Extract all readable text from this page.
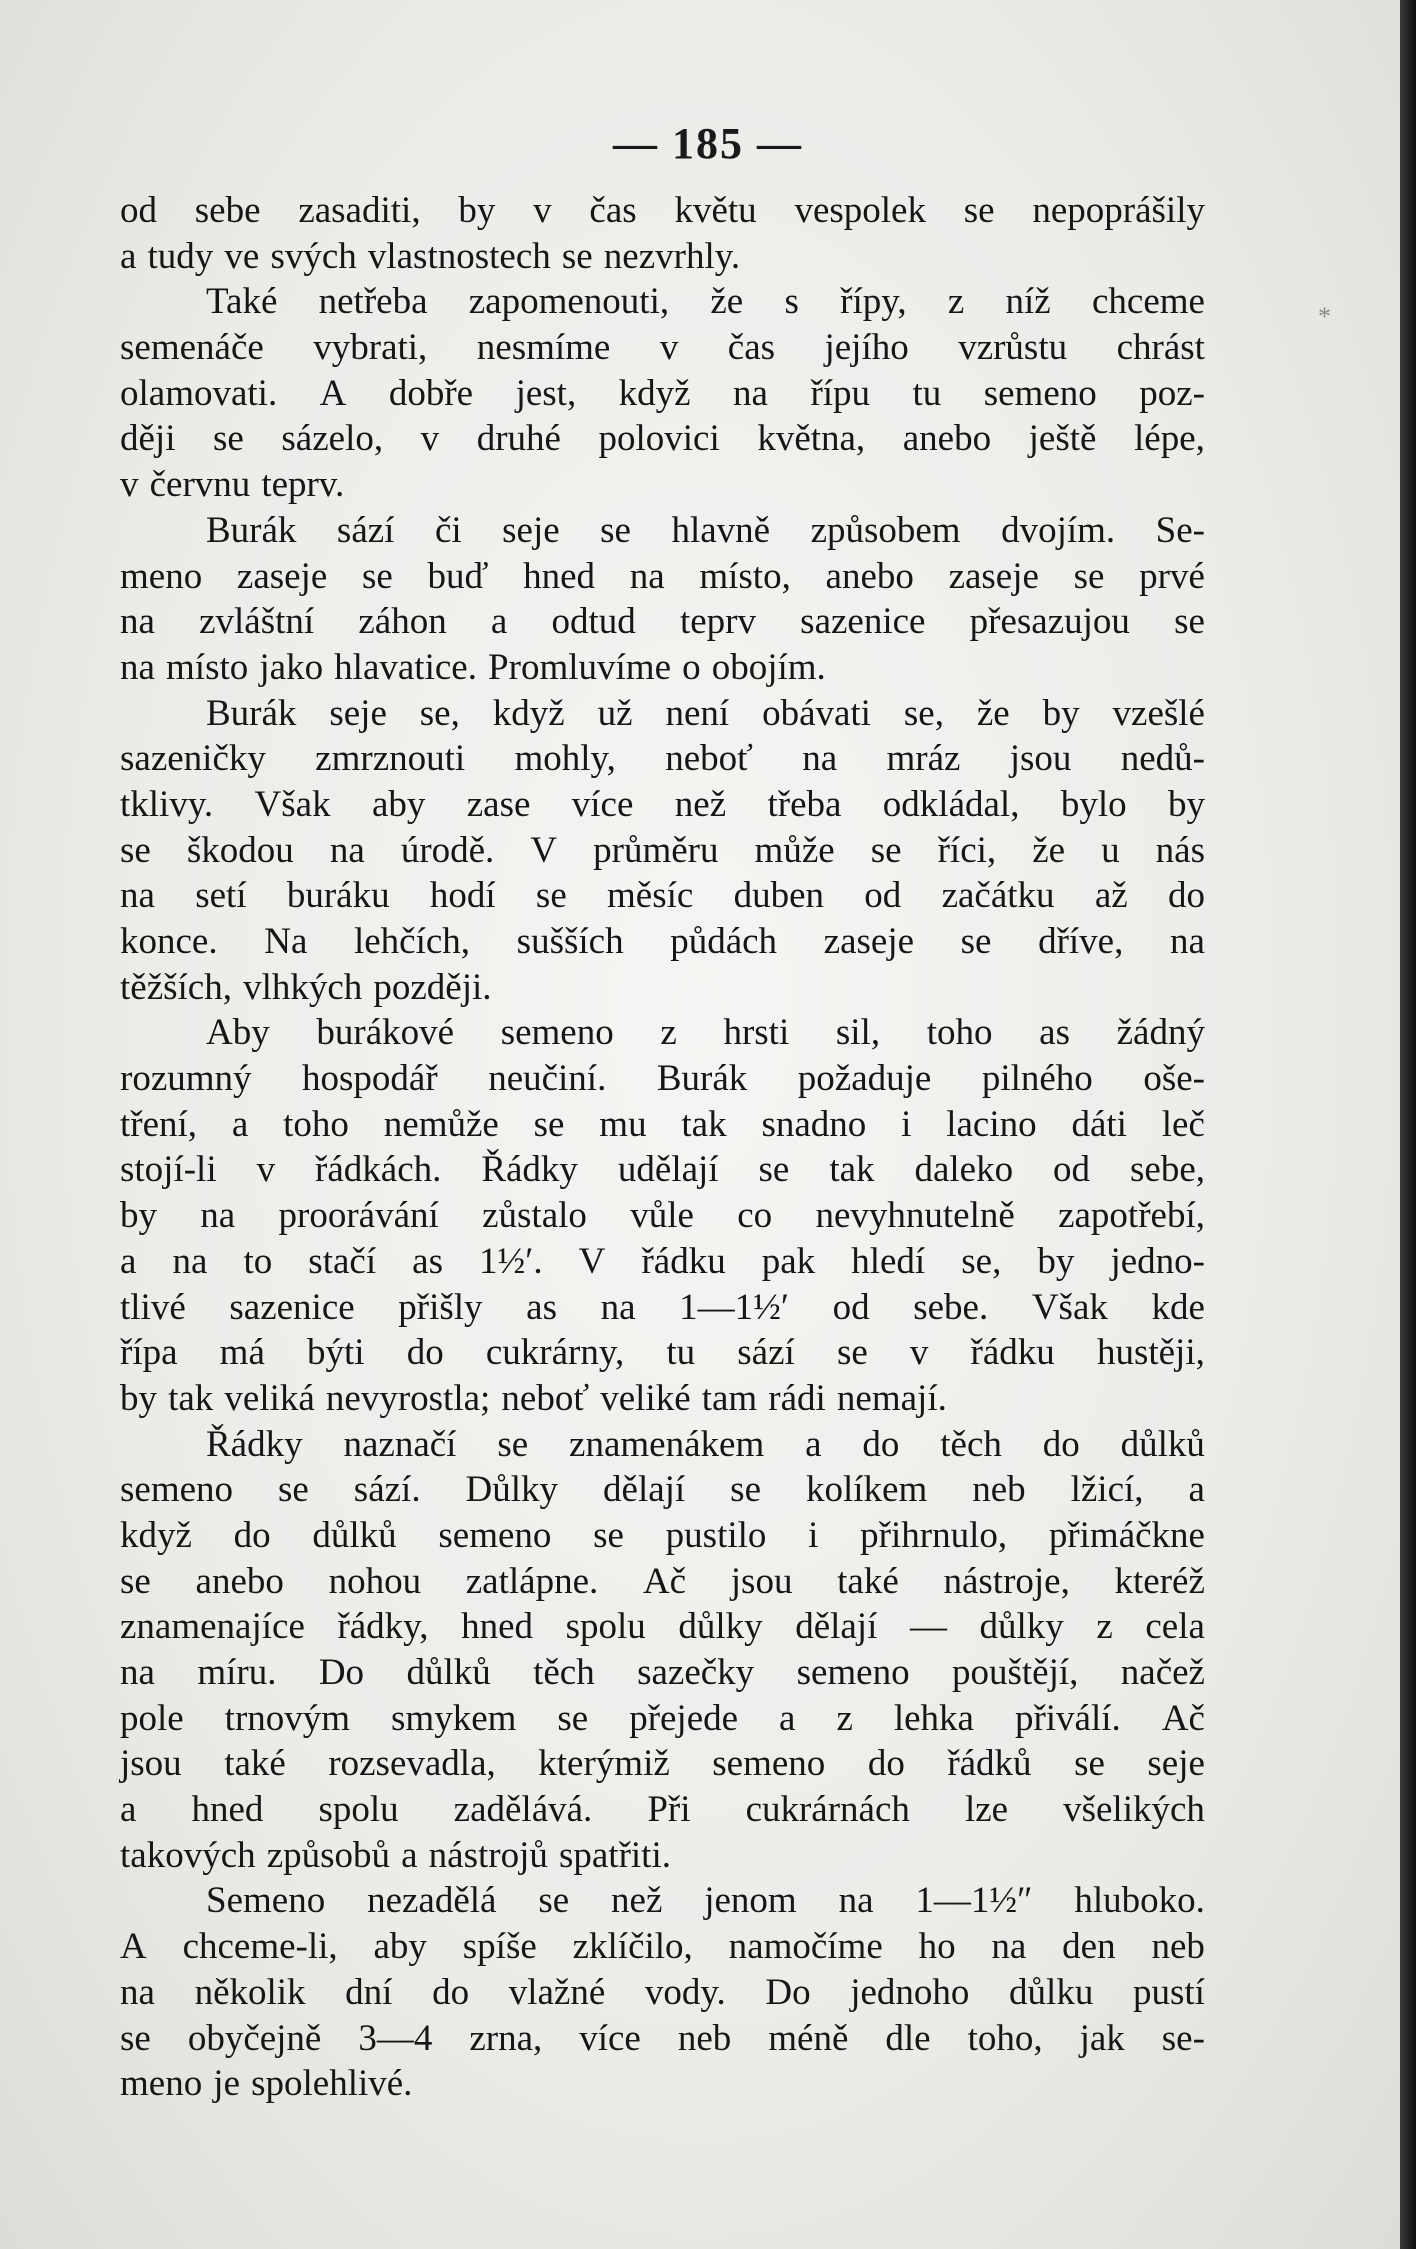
*
— 185 —
od sebe zasaditi, by v čas květu vespolek se nepoprášily
a tudy ve svých vlastnostech se nezvrhly.
Také netřeba zapomenouti, že s řípy, z níž chceme
semenáče vybrati, nesmíme v čas jejího vzrůstu chrást
olamovati. A dobře jest, když na řípu tu semeno poz-
ději se sázelo, v druhé polovici května, anebo ještě lépe,
v červnu teprv.
Burák sází či seje se hlavně způsobem dvojím. Se-
meno zaseje se buď hned na místo, anebo zaseje se prvé
na zvláštní záhon a odtud teprv sazenice přesazujou se
na místo jako hlavatice. Promluvíme o obojím.
Burák seje se, když už není obávati se, že by vzešlé
sazeničky zmrznouti mohly, neboť na mráz jsou nedů-
tklivy. Však aby zase více než třeba odkládal, bylo by
se škodou na úrodě. V průměru může se říci, že u nás
na setí buráku hodí se měsíc duben od začátku až do
konce. Na lehčích, sušších půdách zaseje se dříve, na
těžších, vlhkých později.
Aby burákové semeno z hrsti sil, toho as žádný
rozumný hospodář neučiní. Burák požaduje pilného oše-
tření, a toho nemůže se mu tak snadno i lacino dáti leč
stojí-li v řádkách. Řádky udělají se tak daleko od sebe,
by na proorávání zůstalo vůle co nevyhnutelně zapotřebí,
a na to stačí as 1½′. V řádku pak hledí se, by jedno-
tlivé sazenice přišly as na 1—1½′ od sebe. Však kde
řípa má býti do cukrárny, tu sází se v řádku hustěji,
by tak veliká nevyrostla; neboť veliké tam rádi nemají.
Řádky naznačí se znamenákem a do těch do důlků
semeno se sází. Důlky dělají se kolíkem neb lžicí, a
když do důlků semeno se pustilo i přihrnulo, přimáčkne
se anebo nohou zatlápne. Ač jsou také nástroje, kteréž
znamenajíce řádky, hned spolu důlky dělají — důlky z cela
na míru. Do důlků těch sazečky semeno pouštějí, načež
pole trnovým smykem se přejede a z lehka přiválí. Ač
jsou také rozsevadla, kterýmiž semeno do řádků se seje
a hned spolu zadělává. Při cukrárnách lze všelikých
takových způsobů a nástrojů spatřiti.
Semeno nezadělá se než jenom na 1—1½″ hluboko.
A chceme-li, aby spíše zklíčilo, namočíme ho na den neb
na několik dní do vlažné vody. Do jednoho důlku pustí
se obyčejně 3—4 zrna, více neb méně dle toho, jak se-
meno je spolehlivé.
